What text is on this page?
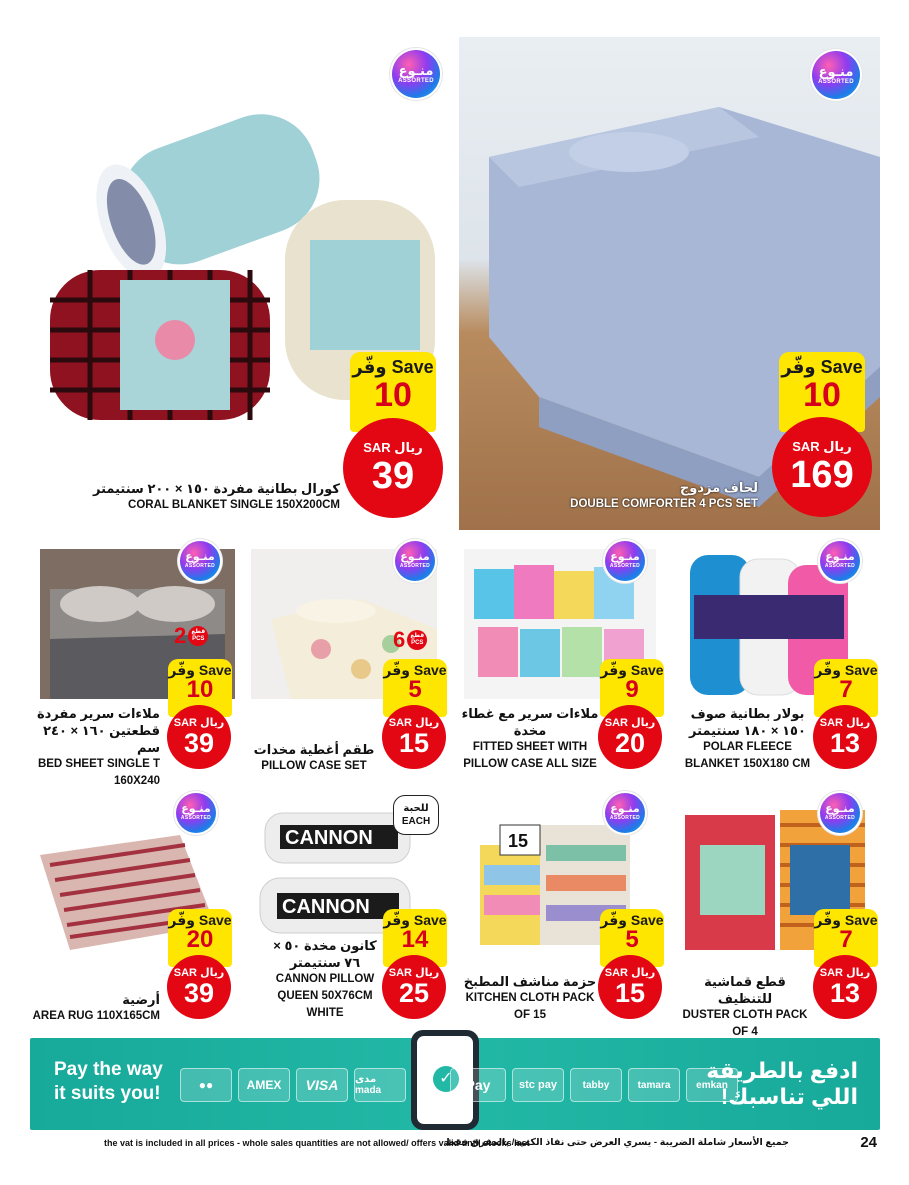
منـوع
ASSORTED
وفّر Save
10
SAR ريال
39
49
كورال بطانية مفردة ١٥٠ × ٢٠٠ سنتيمتر
CORAL BLANKET SINGLE 150X200CM
منـوع
ASSORTED
وفّر Save
10
SAR ريال
169
179
لحاف مزدوج
DOUBLE COMFORTER 4 PCS SET
منـوع
ASSORTED
وفّر Save
7
SAR ريال
13
20
بولار بطانية صوف ١٥٠ × ١٨٠ سنتيمتر
POLAR FLEECE BLANKET 150X180 CM
منـوع
ASSORTED
وفّر Save
9
SAR ريال
20
29
ملاءات سرير مع غطاء مخدة
FITTED SHEET WITH PILLOW CASE ALL SIZE
منـوع
ASSORTED
6 قطع
PCS
وفّر Save
5
SAR ريال
15
20
طقم أغطية مخدات
PILLOW CASE SET
منـوع
ASSORTED
2 قطع
PCS
وفّر Save
10
SAR ريال
39
49
ملاءات سرير مفردة قطعتين ١٦٠ × ٢٤٠ سم
BED SHEET SINGLE T 160X240
منـوع
ASSORTED
وفّر Save
7
SAR ريال
13
20
قطع قماشية للتنظيف
DUSTER CLOTH PACK OF 4
15
منـوع
ASSORTED
وفّر Save
5
SAR ريال
15
20
حزمة مناشف المطبخ
KITCHEN CLOTH PACK OF 15
CANNON
CANNON
للحبة
EACH
وفّر Save
14
SAR ريال
25
39
كانون مخدة ٥٠ × ٧٦ سنتيمتر
CANNON PILLOW QUEEN 50X76CM WHITE
منـوع
ASSORTED
وفّر Save
20
SAR ريال
39
59
أرضية
AREA RUG 110X165CM
Pay the way
it suits you!	●●	AMEX	VISA	مدى mada
✓ Pay	stc pay	tabby	tamara	emkan
ادفع بالطريقة
اللي تناسبك!
the vat is included in all prices - whole sales quantities are not allowed/ offers valid until stocks last
جميع الأسعار شاملة الضريبة - يسري العرض حتى نفاذ الكمية/ بالمفرق فقط	24
